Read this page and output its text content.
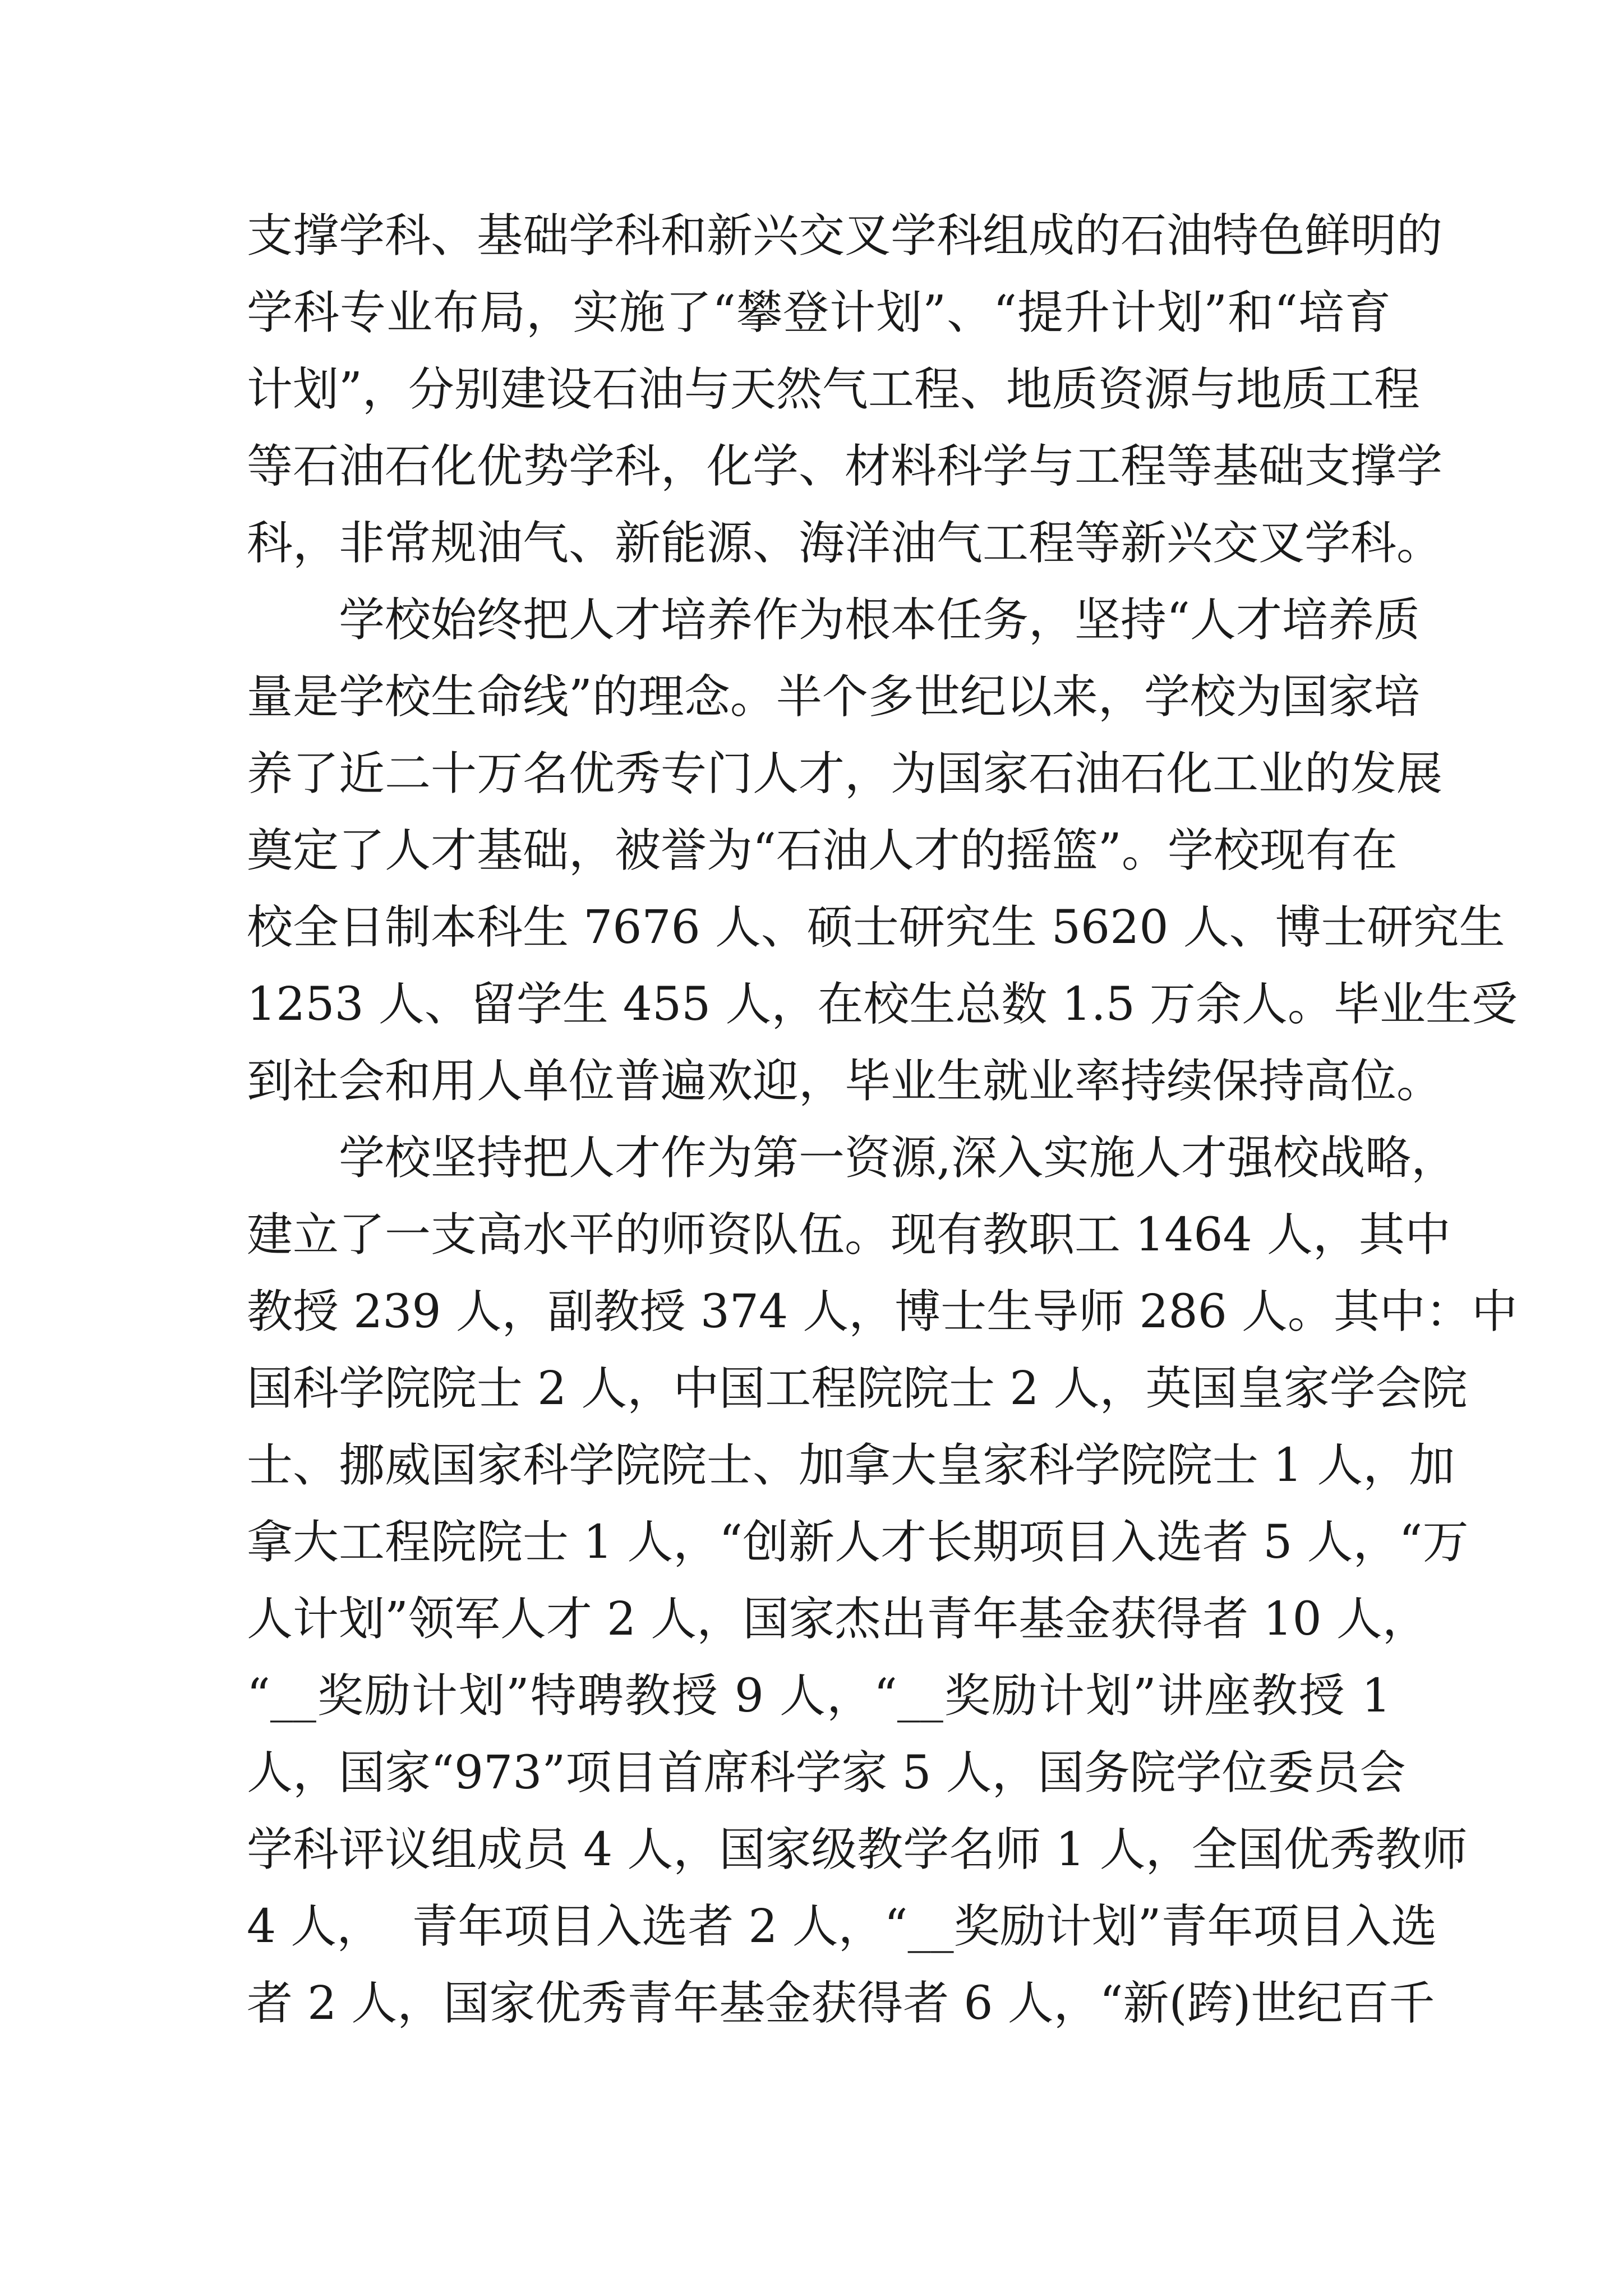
支撑学科、基础学科和新兴交叉学科组成的石油特色鲜明的
学科专业布局，实施了“攀登计划”、“提升计划”和“培育
计划”，分别建设石油与天然气工程、地质资源与地质工程
等石油石化优势学科，化学、材料科学与工程等基础支撑学
科，非常规油气、新能源、海洋油气工程等新兴交叉学科。
学校始终把人才培养作为根本任务，坚持“人才培养质
量是学校生命线”的理念。半个多世纪以来，学校为国家培
养了近二十万名优秀专门人才，为国家石油石化工业的发展
奠定了人才基础，被誉为“石油人才的摇篮”。学校现有在
校全日制本科生 7676 人、硕士研究生 5620 人、博士研究生
1253 人、留学生 455 人，在校生总数 1.5 万余人。毕业生受
到社会和用人单位普遍欢迎，毕业生就业率持续保持高位。
学校坚持把人才作为第一资源,深入实施人才强校战略，
建立了一支高水平的师资队伍。现有教职工 1464 人，其中
教授 239 人，副教授 374 人，博士生导师 286 人。其中：中
国科学院院士 2 人，中国工程院院士 2 人，英国皇家学会院
士、挪威国家科学院院士、加拿大皇家科学院院士 1 人，加
拿大工程院院士 1 人，“创新人才长期项目入选者 5 人，“万
人计划”领军人才 2 人，国家杰出青年基金获得者 10 人，
“__奖励计划”特聘教授 9 人，“__奖励计划”讲座教授 1
人，国家“973”项目首席科学家 5 人，国务院学位委员会
学科评议组成员 4 人，国家级教学名师 1 人，全国优秀教师
4 人，  青年项目入选者 2 人，“__奖励计划”青年项目入选
者 2 人，国家优秀青年基金获得者 6 人，“新(跨)世纪百千
